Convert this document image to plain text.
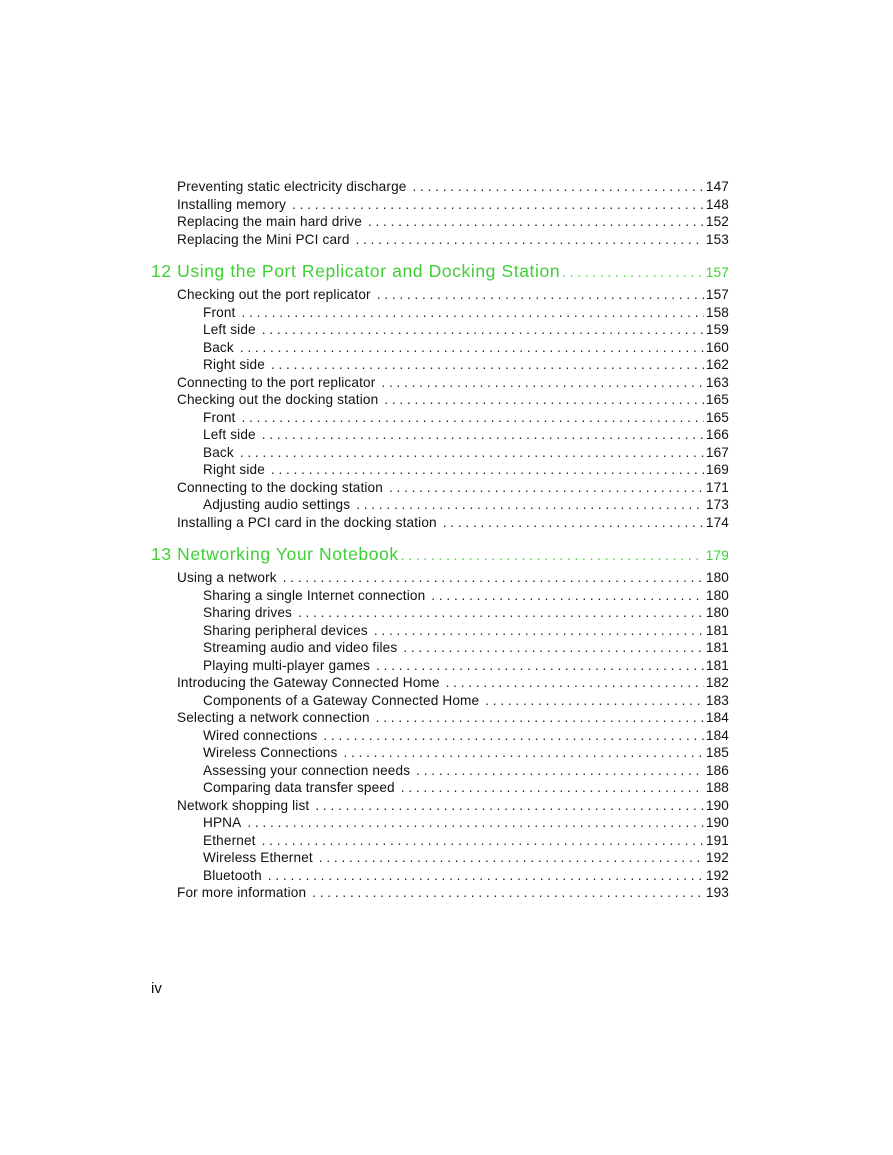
Preventing static electricity discharge . . .	147
Installing memory . . .	148
Replacing the main hard drive . . .	152
Replacing the Mini PCI card . . .	153
12
Using the Port Replicator and Docking Station . . .	157
Checking out the port replicator . . .	157
Front . . .	158
Left side . . .	159
Back . . .	160
Right side . . .	162
Connecting to the port replicator . . .	163
Checking out the docking station . . .	165
Front . . .	165
Left side . . .	166
Back . . .	167
Right side . . .	169
Connecting to the docking station . . .	171
Adjusting audio settings . . .	173
Installing a PCI card in the docking station . . .	174
13
Networking Your Notebook . . .	179
Using a network . . .	180
Sharing a single Internet connection . . .	180
Sharing drives . . .	180
Sharing peripheral devices . . .	181
Streaming audio and video files . . .	181
Playing multi-player games . . .	181
Introducing the Gateway Connected Home . . .	182
Components of a Gateway Connected Home . . .	183
Selecting a network connection . . .	184
Wired connections . . .	184
Wireless Connections . . .	185
Assessing your connection needs . . .	186
Comparing data transfer speed . . .	188
Network shopping list . . .	190
HPNA . . .	190
Ethernet . . .	191
Wireless Ethernet . . .	192
Bluetooth . . .	192
For more information . . .	193
iv
